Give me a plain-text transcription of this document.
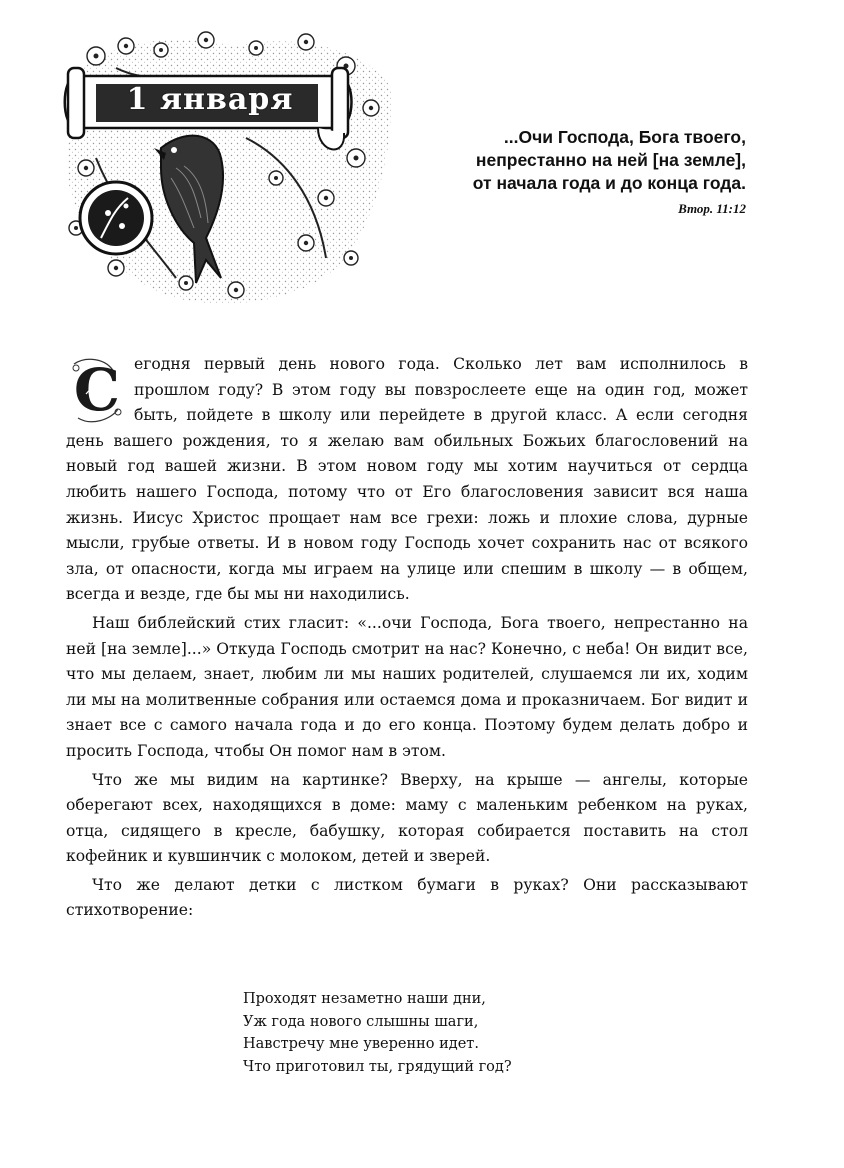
1 января
...Очи Господа, Бога твоего,
непрестанно на ней [на земле],
от начала года и до конца года.
Втор. 11:12

С егодня первый день нового года. Сколько лет вам исполнилось в прошлом году? В этом году вы повзрослеете еще на один год, может быть, пойдете в школу или перейдете в другой класс. А если сегодня день вашего рождения, то я желаю вам обильных Божьих благословений на новый год вашей жизни. В этом новом году мы хотим научиться от сердца любить нашего Господа, потому что от Его благословения зависит вся наша жизнь. Иисус Христос прощает нам все грехи: ложь и плохие слова, дурные мысли, грубые ответы. И в новом году Господь хочет сохранить нас от всякого зла, от опасности, когда мы играем на улице или спешим в школу — в общем, всегда и везде, где бы мы ни находились.

Наш библейский стих гласит: «...очи Господа, Бога твоего, непрестанно на ней [на земле]...» Откуда Господь смотрит на нас? Конечно, с неба! Он видит все, что мы делаем, знает, любим ли мы наших родителей, слушаемся ли их, ходим ли мы на молитвенные собрания или остаемся дома и проказничаем. Бог видит и знает все с самого начала года и до его конца. Поэтому будем делать добро и просить Господа, чтобы Он помог нам в этом.

Что же мы видим на картинке? Вверху, на крыше — ангелы, которые оберегают всех, находящихся в доме: маму с маленьким ребенком на руках, отца, сидящего в кресле, бабушку, которая собирается поставить на стол кофейник и кувшинчик с молоком, детей и зверей.

Что же делают детки с листком бумаги в руках? Они рассказывают стихотворение:

Проходят незаметно наши дни,
Уж года нового слышны шаги,
Навстречу мне уверенно идет.
Что приготовил ты, грядущий год?
